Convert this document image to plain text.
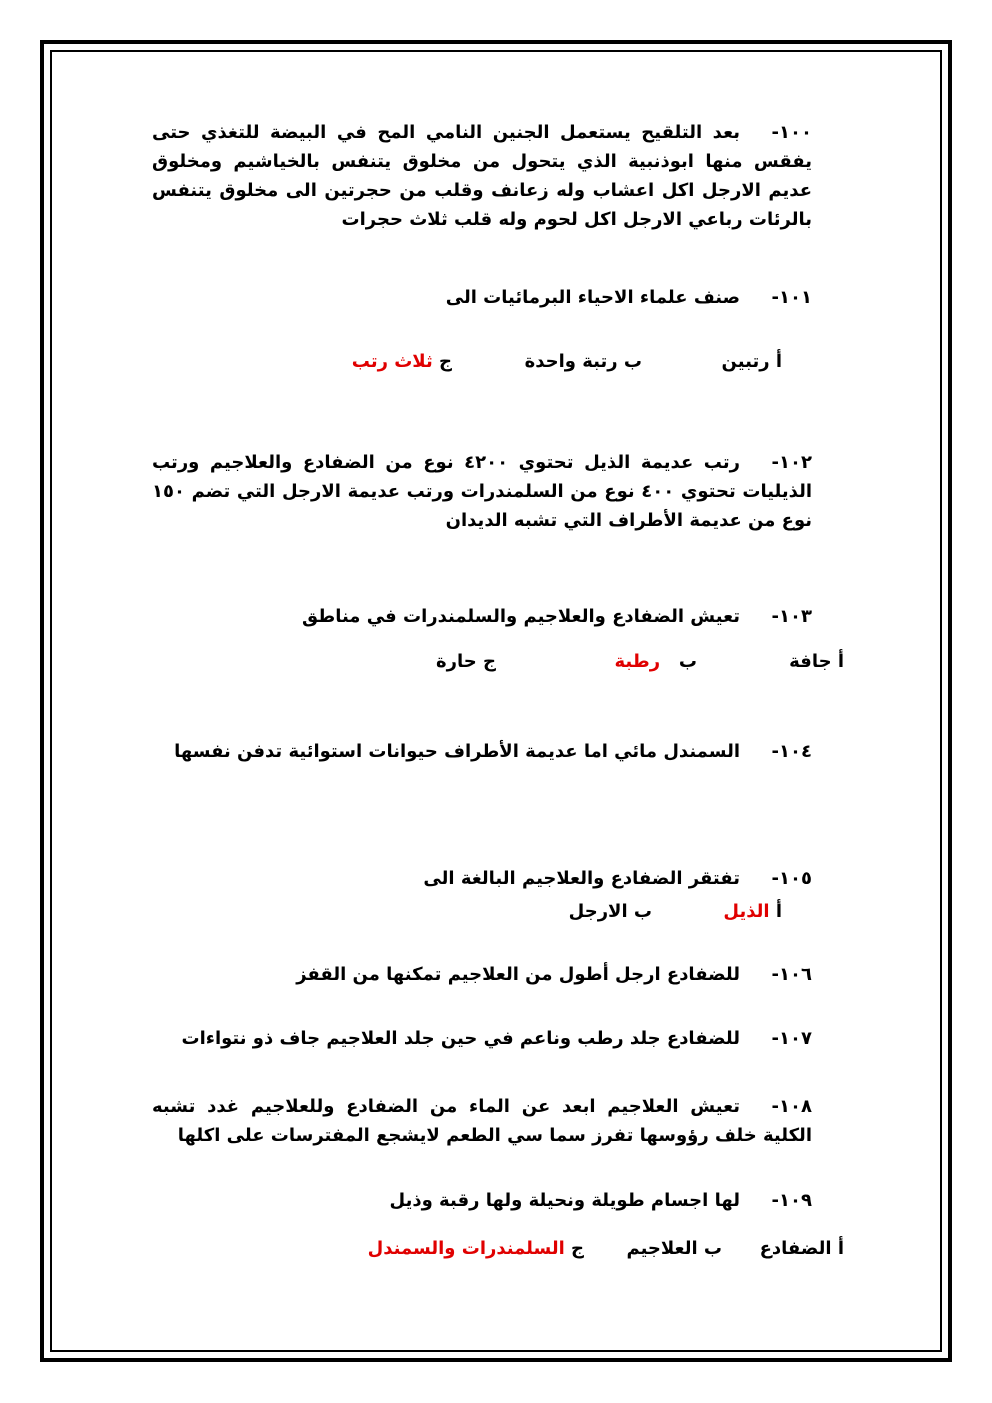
١٠٠-بعد التلقيح يستعمل الجنين النامي المح في البيضة للتغذي حتى يفقس منها ابوذنبية الذي يتحول من مخلوق يتنفس بالخياشيم ومخلوق عديم الارجل اكل اعشاب وله زعانف وقلب من حجرتين الى مخلوق يتنفس بالرئات رباعي الارجل اكل لحوم وله قلب ثلاث حجرات
١٠١-صنف علماء الاحياء البرمائيات الى
أ رتبين
ب رتبة واحدة
ج ثلاث رتب
١٠٢-رتب عديمة الذيل تحتوي ٤٢٠٠ نوع من الضفادع والعلاجيم ورتب الذيليات تحتوي ٤٠٠ نوع من السلمندرات ورتب عديمة الارجل التي تضم ١٥٠ نوع من عديمة الأطراف التي تشبه الديدان
١٠٣-تعيش الضفادع والعلاجيم والسلمندرات في مناطق
أ جافة
ب   رطبة
ج حارة
١٠٤-السمندل مائي اما عديمة الأطراف حيوانات استوائية تدفن نفسها
١٠٥-تفتقر الضفادع والعلاجيم البالغة الى
أ الذيل
ب الارجل
١٠٦-للضفادع ارجل أطول من العلاجيم تمكنها من القفز
١٠٧-للضفادع جلد رطب وناعم في حين جلد العلاجيم جاف ذو نتواءات
١٠٨-تعيش العلاجيم ابعد عن الماء من الضفادع وللعلاجيم غدد تشبه الكلية خلف رؤوسها تفرز سما سي الطعم لايشجع المفترسات على اكلها
١٠٩-لها اجسام طويلة ونحيلة ولها رقبة وذيل
أ الضفادع
ب العلاجيم
ج السلمندرات والسمندل
